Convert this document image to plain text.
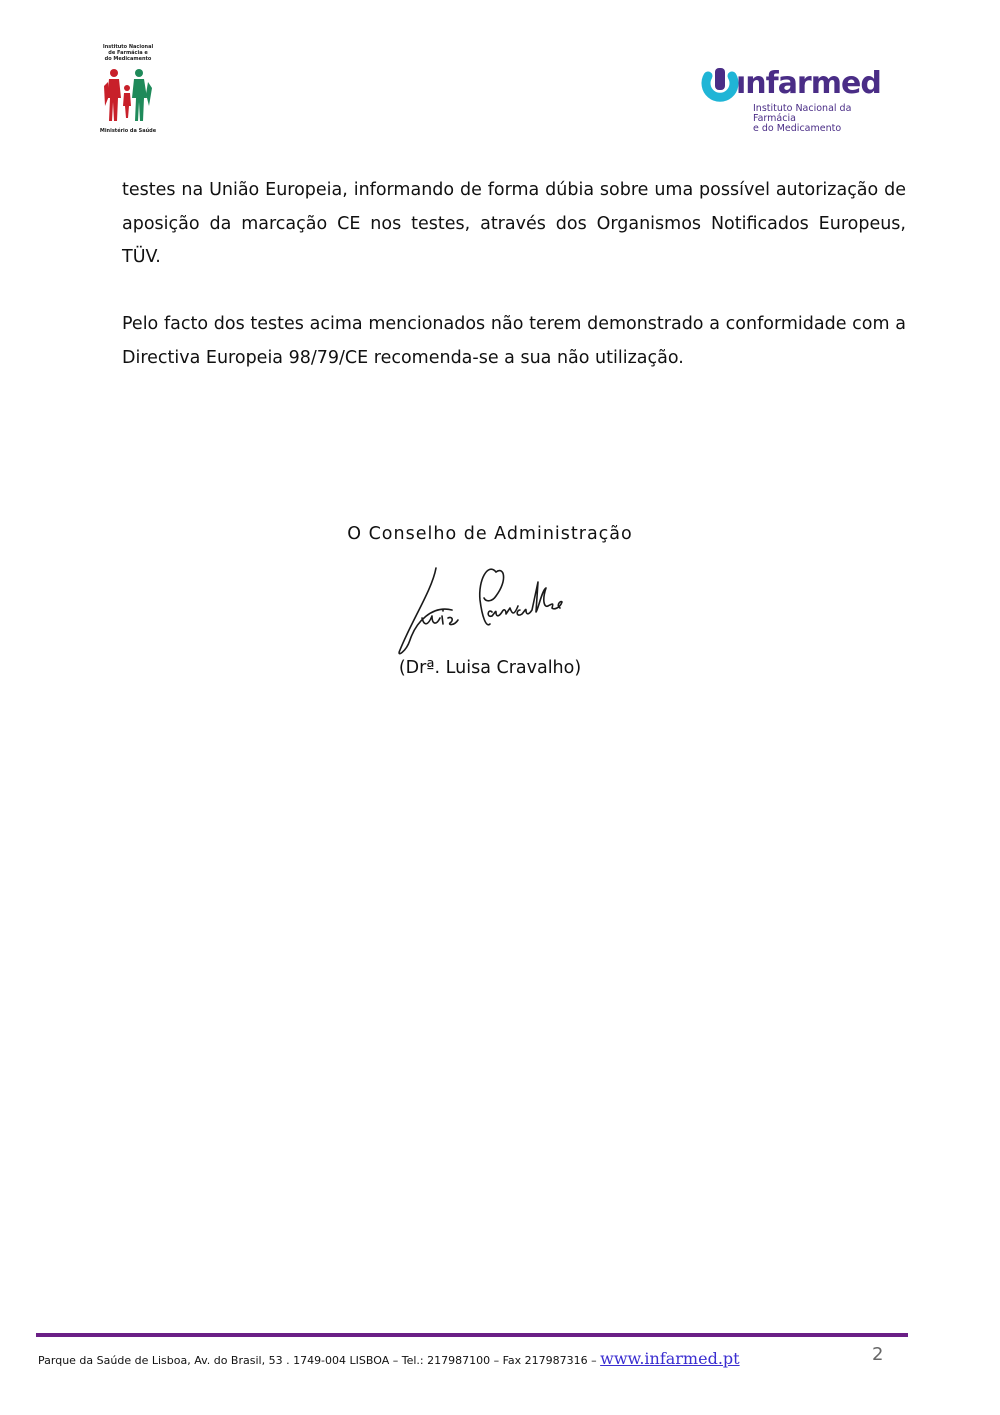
Instituto Nacional
de Farmácia e
do Medicamento
Ministério da Saúde
ınfarmed
Instituto Nacional da Farmácia
e do Medicamento

testes na União Europeia, informando de forma dúbia sobre uma possível autorização de aposição da marcação CE nos testes, através dos Organismos Notificados Europeus, TÜV.

Pelo facto dos testes acima mencionados não terem demonstrado a conformidade com a Directiva Europeia 98/79/CE recomenda-se a sua não utilização.

O Conselho de Administração
(Drª. Luisa Cravalho)
Parque da Saúde de Lisboa, Av. do Brasil, 53 . 1749-004 LISBOA – Tel.: 217987100 – Fax 217987316 – www.infarmed.pt	2
